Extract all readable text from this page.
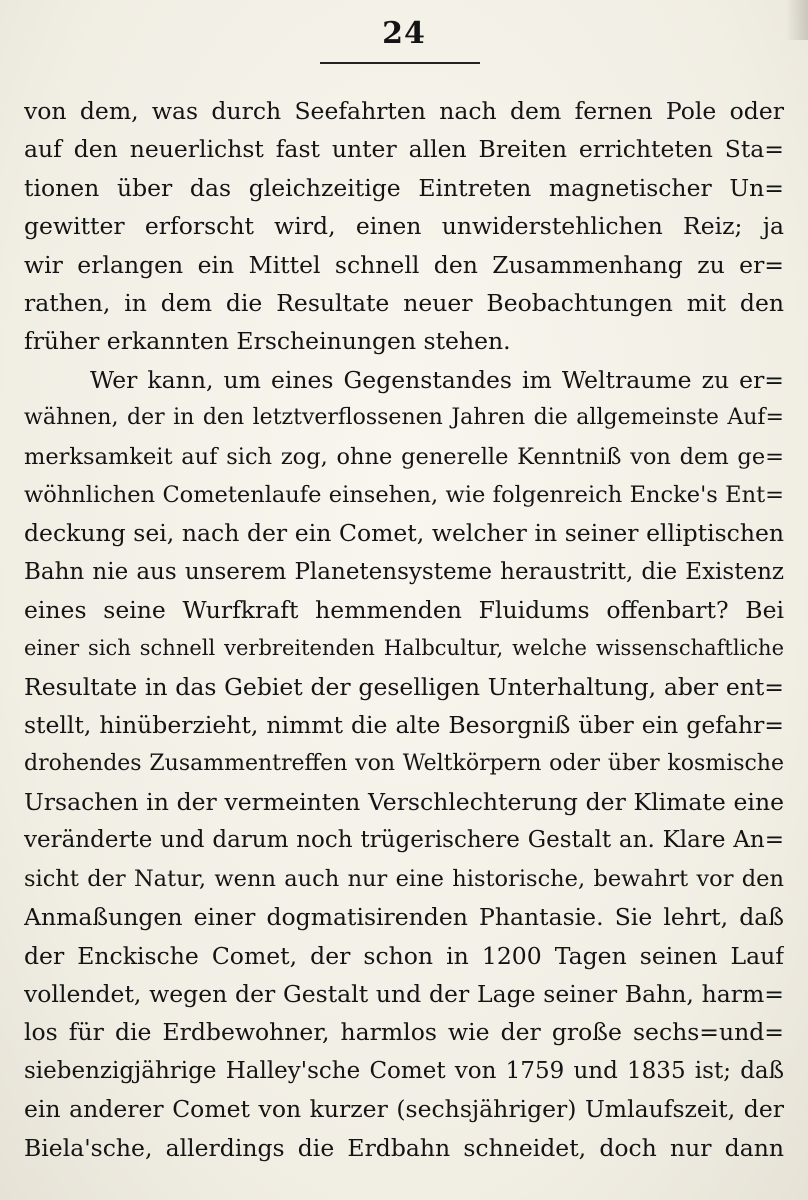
24
von dem, was durch Seefahrten nach dem fernen Pole oder
auf den neuerlichst fast unter allen Breiten errichteten Sta=
tionen über das gleichzeitige Eintreten magnetischer Un=
gewitter erforscht wird, einen unwiderstehlichen Reiz; ja
wir erlangen ein Mittel schnell den Zusammenhang zu er=
rathen, in dem die Resultate neuer Beobachtungen mit den
früher erkannten Erscheinungen stehen.
Wer kann, um eines Gegenstandes im Weltraume zu er=
wähnen, der in den letztverflossenen Jahren die allgemeinste Auf=
merksamkeit auf sich zog, ohne generelle Kenntniß von dem ge=
wöhnlichen Cometenlaufe einsehen, wie folgenreich Encke's Ent=
deckung sei, nach der ein Comet, welcher in seiner elliptischen
Bahn nie aus unserem Planetensysteme heraustritt, die Existenz
eines seine Wurfkraft hemmenden Fluidums offenbart? Bei
einer sich schnell verbreitenden Halbcultur, welche wissenschaftliche
Resultate in das Gebiet der geselligen Unterhaltung, aber ent=
stellt, hinüberzieht, nimmt die alte Besorgniß über ein gefahr=
drohendes Zusammentreffen von Weltkörpern oder über kosmische
Ursachen in der vermeinten Verschlechterung der Klimate eine
veränderte und darum noch trügerischere Gestalt an. Klare An=
sicht der Natur, wenn auch nur eine historische, bewahrt vor den
Anmaßungen einer dogmatisirenden Phantasie. Sie lehrt, daß
der Enckische Comet, der schon in 1200 Tagen seinen Lauf
vollendet, wegen der Gestalt und der Lage seiner Bahn, harm=
los für die Erdbewohner, harmlos wie der große sechs=und=
siebenzigjährige Halley'sche Comet von 1759 und 1835 ist; daß
ein anderer Comet von kurzer (sechsjähriger) Umlaufszeit, der
Biela'sche, allerdings die Erdbahn schneidet, doch nur dann
